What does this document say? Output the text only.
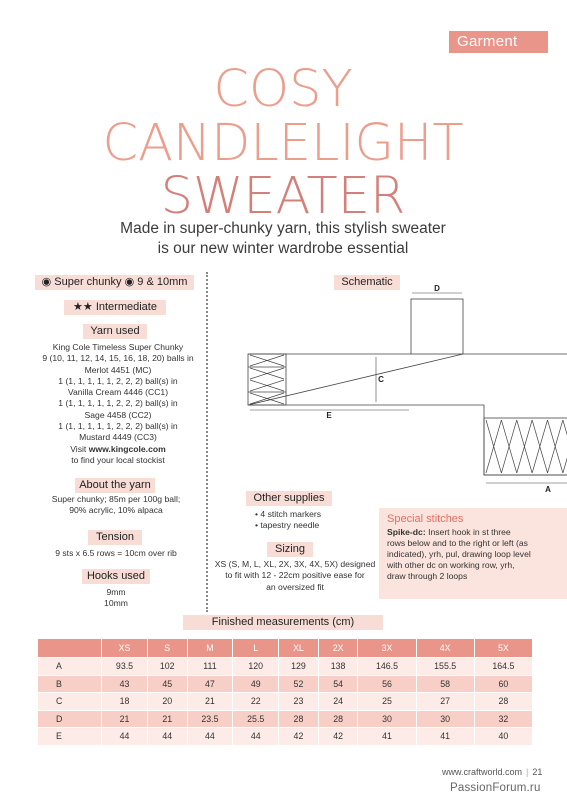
Garment
COSY
CANDLELIGHT
SWEATER
Made in super-chunky yarn, this stylish sweater
is our new winter wardrobe essential
◉ Super chunky ◉ 9 & 10mm
★★ Intermediate
Yarn used
King Cole Timeless Super Chunky
9 (10, 11, 12, 14, 15, 16, 18, 20) balls in
Merlot 4451 (MC)
1 (1, 1, 1, 1, 1, 2, 2, 2) ball(s) in
Vanilla Cream 4446 (CC1)
1 (1, 1, 1, 1, 1, 2, 2, 2) ball(s) in
Sage 4458 (CC2)
1 (1, 1, 1, 1, 1, 2, 2, 2) ball(s) in
Mustard 4449 (CC3)
Visit www.kingcole.com
to find your local stockist
About the yarn
Super chunky; 85m per 100g ball;
90% acrylic, 10% alpaca
Tension
9 sts x 6.5 rows = 10cm over rib
Hooks used
9mm
10mm
Schematic
D
C
A
E
Other supplies
• 4 stitch markers
• tapestry needle
Sizing
XS (S, M, L, XL, 2X, 3X, 4X, 5X) designed
to fit with 12 - 22cm positive ease for
an oversized fit
Special stitches
Spike-dc: Insert hook in st three
rows below and to the right or left (as
indicated), yrh, pul, drawing loop level
with other dc on working row, yrh,
draw through 2 loops
Finished measurements (cm)
	XS	S	M	L	XL	2X	3X	4X	5X
A	93.5	102	111	120	129	138	146.5	155.5	164.5
B	43	45	47	49	52	54	56	58	60
C	18	20	21	22	23	24	25	27	28
D	21	21	23.5	25.5	28	28	30	30	32
E	44	44	44	44	42	42	41	41	40
www.craftworld.com | 21
PassionForum.ru
